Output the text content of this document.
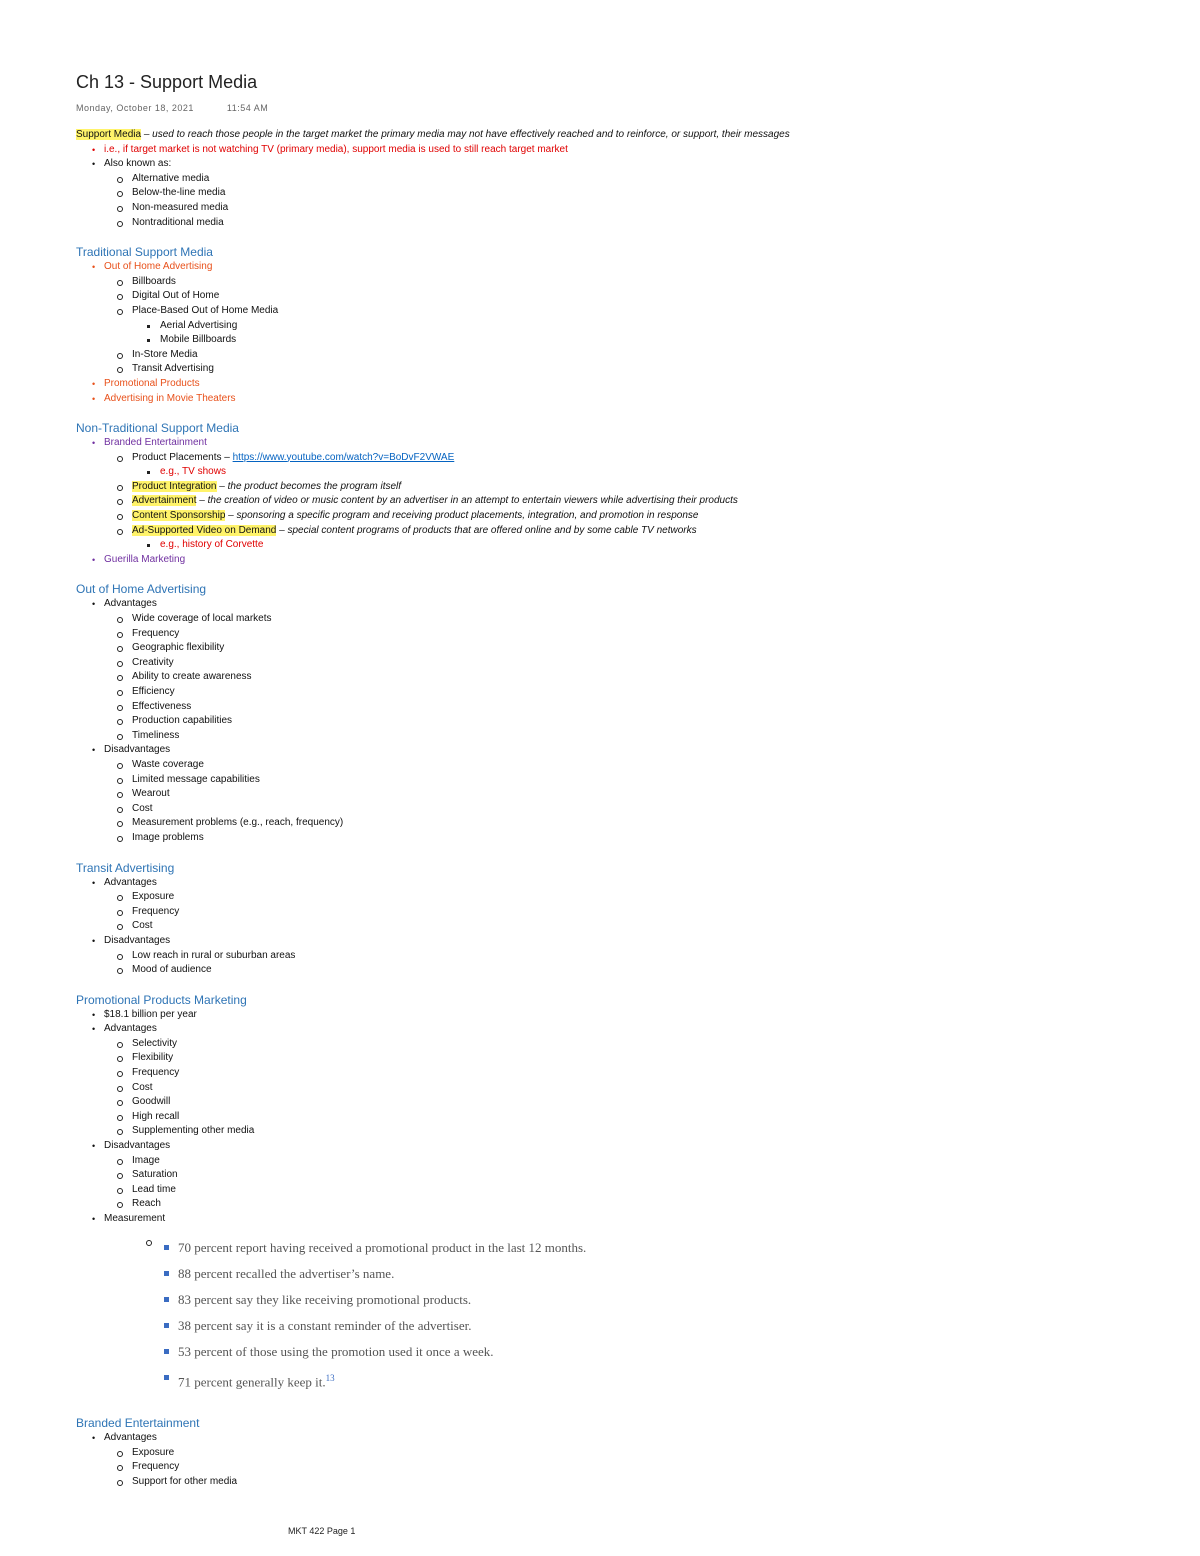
Ch 13 - Support Media
Monday, October 18, 2021	11:54 AM
Support Media – used to reach those people in the target market the primary media may not have effectively reached and to reinforce, or support, their messages
• i.e., if target market is not watching TV (primary media), support media is used to still reach target market
• Also known as:
Alternative media
Below-the-line media
Non-measured media
Nontraditional media
Traditional Support Media
• Out of Home Advertising
Billboards
Digital Out of Home
Place-Based Out of Home Media
Aerial Advertising
Mobile Billboards
In-Store Media
Transit Advertising
• Promotional Products
• Advertising in Movie Theaters
Non-Traditional Support Media
• Branded Entertainment
Product Placements – https://www.youtube.com/watch?v=BoDvF2VWAE
e.g., TV shows
Product Integration – the product becomes the program itself
Advertainment – the creation of video or music content by an advertiser in an attempt to entertain viewers while advertising their products
Content Sponsorship – sponsoring a specific program and receiving product placements, integration, and promotion in response
Ad-Supported Video on Demand – special content programs of products that are offered online and by some cable TV networks
e.g., history of Corvette
• Guerilla Marketing
Out of Home Advertising
• Advantages
Wide coverage of local markets
Frequency
Geographic flexibility
Creativity
Ability to create awareness
Efficiency
Effectiveness
Production capabilities
Timeliness
• Disadvantages
Waste coverage
Limited message capabilities
Wearout
Cost
Measurement problems (e.g., reach, frequency)
Image problems
Transit Advertising
• Advantages
Exposure
Frequency
Cost
• Disadvantages
Low reach in rural or suburban areas
Mood of audience
Promotional Products Marketing
• $18.1 billion per year
• Advantages
Selectivity
Flexibility
Frequency
Cost
Goodwill
High recall
Supplementing other media
• Disadvantages
Image
Saturation
Lead time
Reach
• Measurement
70 percent report having received a promotional product in the last 12 months.
88 percent recalled the advertiser’s name.
83 percent say they like receiving promotional products.
38 percent say it is a constant reminder of the advertiser.
53 percent of those using the promotion used it once a week.
71 percent generally keep it.$^{13}$
Branded Entertainment
• Advantages
Exposure
Frequency
Support for other media
MKT 422 Page 1
